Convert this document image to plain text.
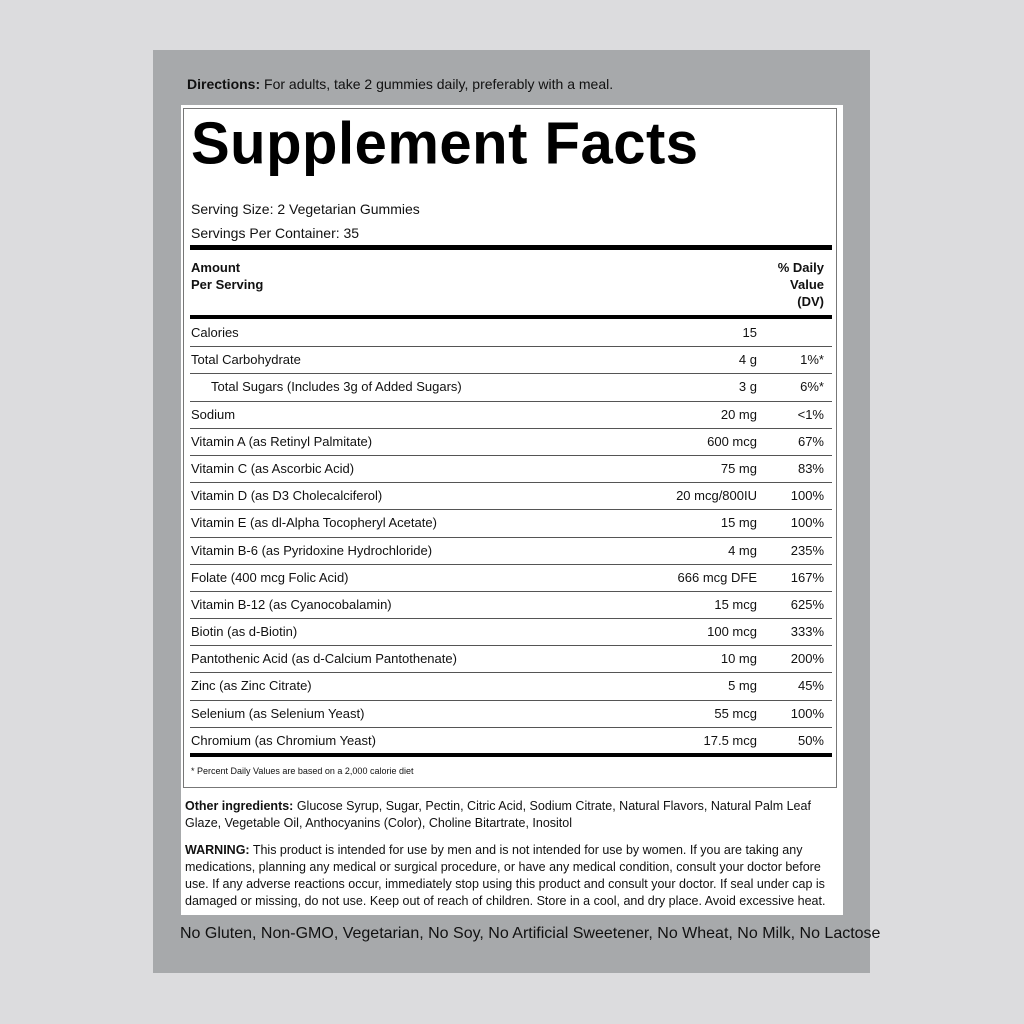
Directions: For adults, take 2 gummies daily, preferably with a meal.
Supplement Facts
Serving Size: 2 Vegetarian Gummies
Servings Per Container: 35
Amount
Per Serving
% Daily
Value
(DV)
Calories	15
Total Carbohydrate	4 g	1%*
Total Sugars (Includes 3g of Added Sugars)	3 g	6%*
Sodium	20 mg	<1%
Vitamin A (as Retinyl Palmitate)	600 mcg	67%
Vitamin C (as Ascorbic Acid)	75 mg	83%
Vitamin D (as D3 Cholecalciferol)	20 mcg/800IU	100%
Vitamin E (as dl-Alpha Tocopheryl Acetate)	15 mg	100%
Vitamin B-6 (as Pyridoxine Hydrochloride)	4 mg	235%
Folate (400 mcg Folic Acid)	666 mcg DFE	167%
Vitamin B-12 (as Cyanocobalamin)	15 mcg	625%
Biotin (as d-Biotin)	100 mcg	333%
Pantothenic Acid (as d-Calcium Pantothenate)	10 mg	200%
Zinc (as Zinc Citrate)	5 mg	45%
Selenium (as Selenium Yeast)	55 mcg	100%
Chromium (as Chromium Yeast)	17.5 mcg	50%
* Percent Daily Values are based on a 2,000 calorie diet
Other ingredients: Glucose Syrup, Sugar, Pectin, Citric Acid, Sodium Citrate, Natural Flavors, Natural Palm Leaf Glaze, Vegetable Oil, Anthocyanins (Color), Choline Bitartrate, Inositol
WARNING: This product is intended for use by men and is not intended for use by women. If you are taking any medications, planning any medical or surgical procedure, or have any medical condition, consult your doctor before use. If any adverse reactions occur, immediately stop using this product and consult your doctor. If seal under cap is damaged or missing, do not use. Keep out of reach of children. Store in a cool, and dry place. Avoid excessive heat.
No Gluten, Non-GMO, Vegetarian, No Soy, No Artificial Sweetener, No Wheat, No Milk, No Lactose
